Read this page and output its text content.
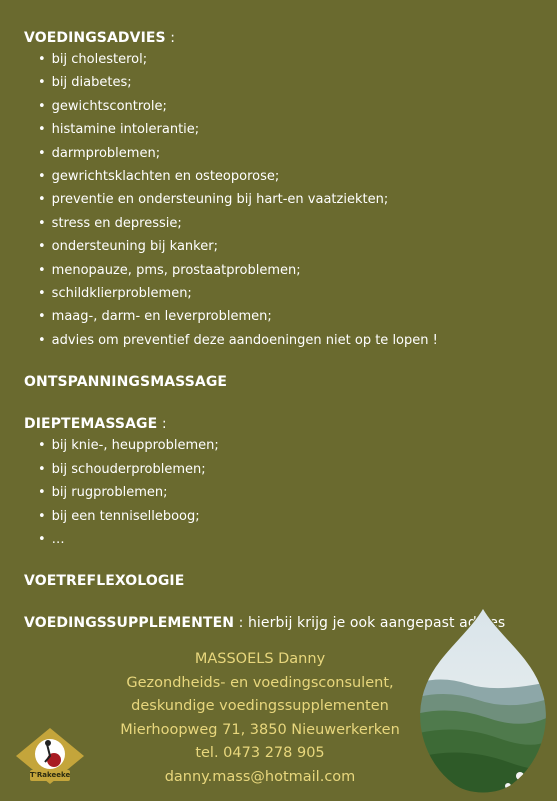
VOEDINGSADVIES :
• bij cholesterol;
• bij diabetes;
• gewichtscontrole;
• histamine intolerantie;
• darmproblemen;
• gewrichtsklachten en osteoporose;
• preventie en ondersteuning bij hart-en vaatziekten;
• stress en depressie;
• ondersteuning bij kanker;
• menopauze, pms, prostaatproblemen;
• schildklierproblemen;
• maag-, darm- en leverproblemen;
• advies om preventief deze aandoeningen niet op te lopen !
ONTSPANNINGSMASSAGE
DIEPTEMASSAGE :
• bij knie-, heupproblemen;
• bij schouderproblemen;
• bij rugproblemen;
• bij een tenniselleboog;
• …
VOETREFLEXOLOGIE
VOEDINGSSUPPLEMENTEN : hierbij krijg je ook aangepast advies
MASSOELS Danny
Gezondheids- en voedingsconsulent,
deskundige voedingssupplementen
Mierhoopweg 71, 3850 Nieuwerkerken
tel. 0473 278 905
danny.mass@hotmail.com
T'Rakeeke
